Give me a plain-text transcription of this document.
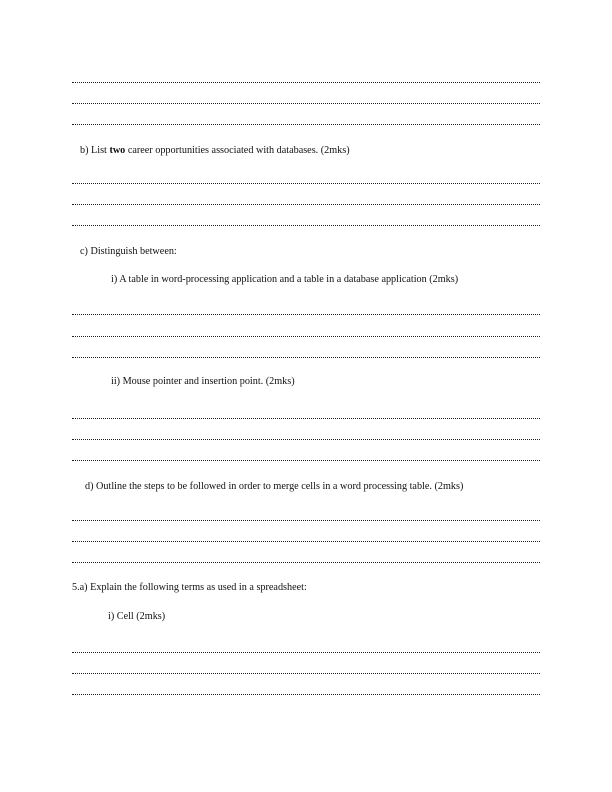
b) List two career opportunities associated with databases. (2mks)
c) Distinguish between:
i) A table in word-processing application and a table in a database application (2mks)
ii) Mouse pointer and insertion point. (2mks)
d) Outline the steps to be followed in order to merge cells in a word processing table. (2mks)
5.a) Explain the following terms as used in a spreadsheet:
i) Cell (2mks)
